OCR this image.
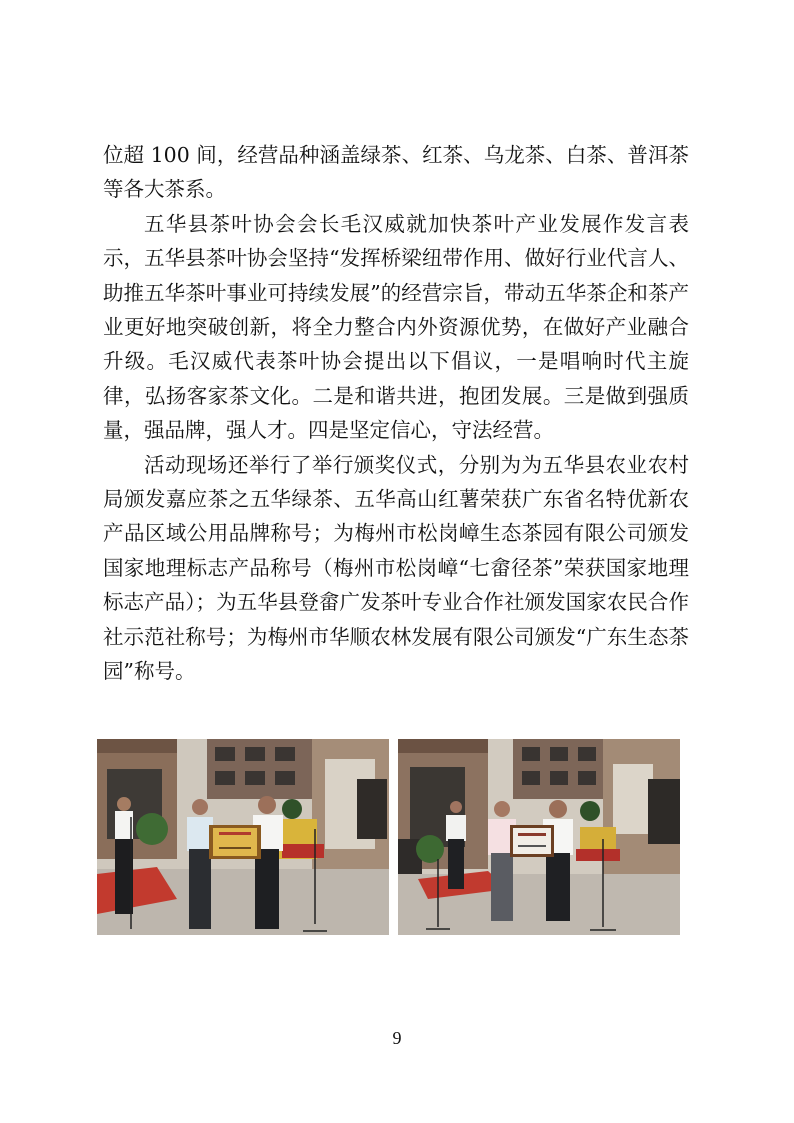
位超 100 间，经营品种涵盖绿茶、红茶、乌龙茶、白茶、普洱茶等各大茶系。

五华县茶叶协会会长毛汉威就加快茶叶产业发展作发言表示，五华县茶叶协会坚持“发挥桥梁纽带作用、做好行业代言人、助推五华茶叶事业可持续发展”的经营宗旨，带动五华茶企和茶产业更好地突破创新，将全力整合内外资源优势，在做好产业融合升级。毛汉威代表茶叶协会提出以下倡议，一是唱响时代主旋律，弘扬客家茶文化。二是和谐共进，抱团发展。三是做到强质量，强品牌，强人才。四是坚定信心，守法经营。

活动现场还举行了举行颁奖仪式，分别为为五华县农业农村局颁发嘉应茶之五华绿茶、五华高山红薯荣获广东省名特优新农产品区域公用品牌称号；为梅州市松岗嶂生态茶园有限公司颁发国家地理标志产品称号（梅州市松岗嶂“七畲径茶”荣获国家地理标志产品）；为五华县登畲广发茶叶专业合作社颁发国家农民合作社示范社称号；为梅州市华顺农林发展有限公司颁发“广东生态茶园”称号。

9
